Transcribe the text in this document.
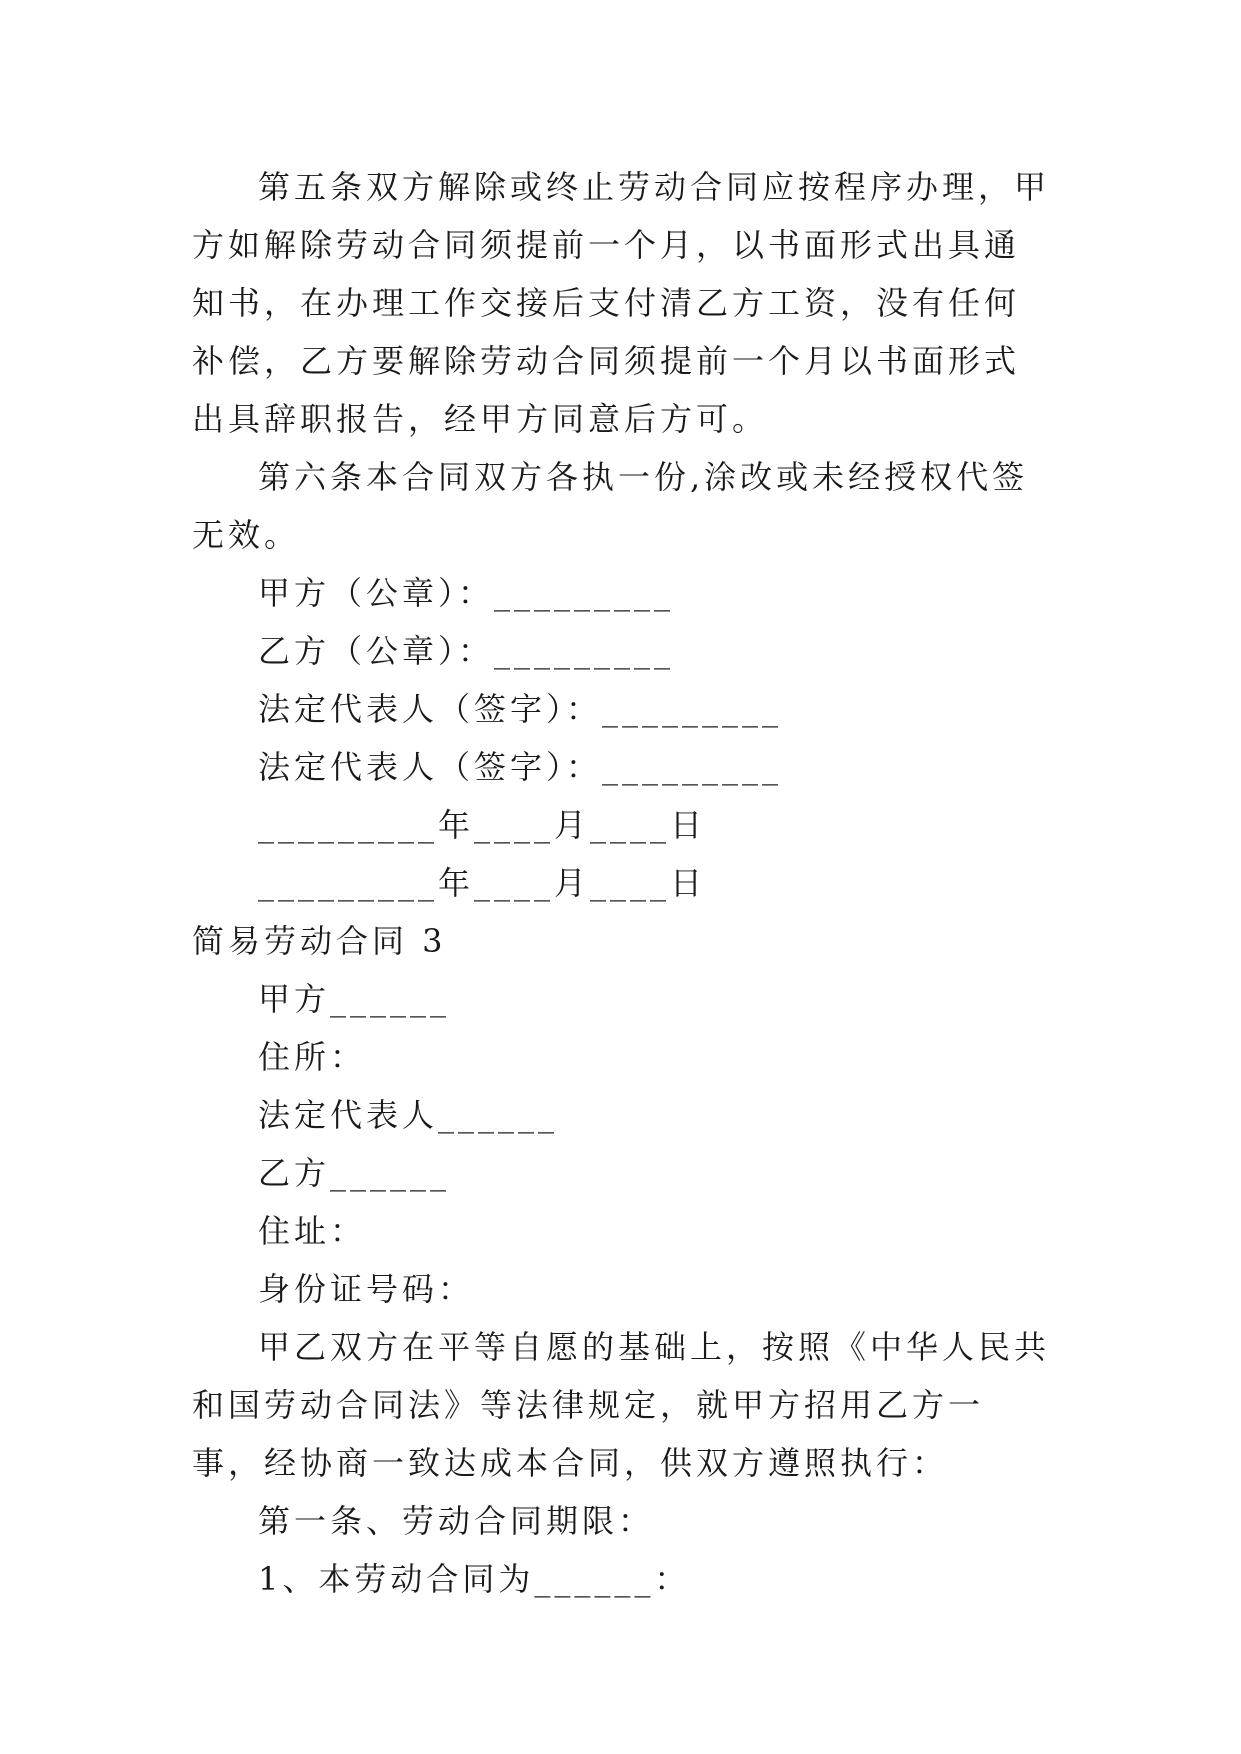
第五条双方解除或终止劳动合同应按程序办理，甲方如解除劳动合同须提前一个月，以书面形式出具通知书，在办理工作交接后支付清乙方工资，没有任何补偿，乙方要解除劳动合同须提前一个月以书面形式出具辞职报告，经甲方同意后方可。

第六条本合同双方各执一份,涂改或未经授权代签无效。

甲方（公章）：_________

乙方（公章）：_________

法定代表人（签字）：_________

法定代表人（签字）：_________

_________年____月____日

_________年____月____日

简易劳动合同 3

甲方______

住所：

法定代表人______

乙方______

住址：

身份证号码：

甲乙双方在平等自愿的基础上，按照《中华人民共和国劳动合同法》等法律规定，就甲方招用乙方一事，经协商一致达成本合同，供双方遵照执行：

第一条、劳动合同期限：

1、本劳动合同为______：
